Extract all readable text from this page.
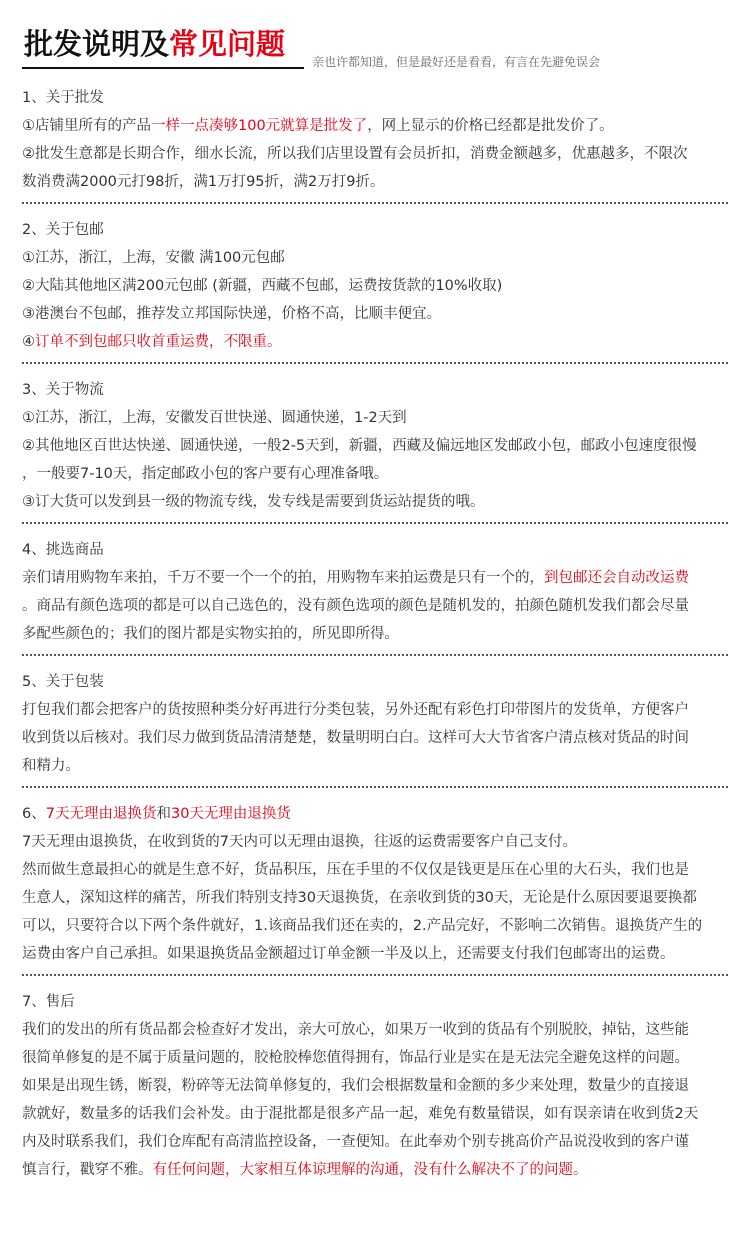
批发说明及常见问题
亲也许都知道，但是最好还是看看，有言在先避免误会
1、关于批发
①店铺里所有的产品一样一点凑够100元就算是批发了，网上显示的价格已经都是批发价了。
②批发生意都是长期合作，细水长流，所以我们店里设置有会员折扣，消费金额越多，优惠越多，不限次
数消费满2000元打98折，满1万打95折，满2万打9折。
2、关于包邮
①江苏，浙江，上海，安徽 满100元包邮
②大陆其他地区满200元包邮 (新疆，西藏不包邮，运费按货款的10%收取)
③港澳台不包邮，推荐发立邦国际快递，价格不高，比顺丰便宜。
④订单不到包邮只收首重运费，不限重。
3、关于物流
①江苏，浙江，上海，安徽发百世快递、圆通快递，1-2天到
②其他地区百世达快递、圆通快递，一般2-5天到，新疆，西藏及偏远地区发邮政小包，邮政小包速度很慢
，一般要7-10天，指定邮政小包的客户要有心理准备哦。
③订大货可以发到县一级的物流专线，发专线是需要到货运站提货的哦。
4、挑选商品
亲们请用购物车来拍，千万不要一个一个的拍，用购物车来拍运费是只有一个的，到包邮还会自动改运费
。商品有颜色选项的都是可以自己选色的，没有颜色选项的颜色是随机发的，拍颜色随机发我们都会尽量
多配些颜色的；我们的图片都是实物实拍的，所见即所得。
5、关于包装
打包我们都会把客户的货按照种类分好再进行分类包装，另外还配有彩色打印带图片的发货单，方便客户
收到货以后核对。我们尽力做到货品清清楚楚，数量明明白白。这样可大大节省客户清点核对货品的时间
和精力。
6、7天无理由退换货和30天无理由退换货
7天无理由退换货，在收到货的7天内可以无理由退换，往返的运费需要客户自己支付。
然而做生意最担心的就是生意不好，货品积压，压在手里的不仅仅是钱更是压在心里的大石头，我们也是
生意人，深知这样的痛苦，所我们特别支持30天退换货，在亲收到货的30天，无论是什么原因要退要换都
可以，只要符合以下两个条件就好，1.该商品我们还在卖的，2.产品完好，不影响二次销售。退换货产生的
运费由客户自己承担。如果退换货品金额超过订单金额一半及以上，还需要支付我们包邮寄出的运费。
7、售后
我们的发出的所有货品都会检查好才发出，亲大可放心，如果万一收到的货品有个别脱胶，掉钻，这些能
很简单修复的是不属于质量问题的，胶枪胶棒您值得拥有，饰品行业是实在是无法完全避免这样的问题。
如果是出现生锈，断裂，粉碎等无法简单修复的，我们会根据数量和金额的多少来处理，数量少的直接退
款就好，数量多的话我们会补发。由于混批都是很多产品一起，难免有数量错误，如有误亲请在收到货2天
内及时联系我们，我们仓库配有高清监控设备，一查便知。在此奉劝个别专挑高价产品说没收到的客户谨
慎言行，戳穿不雅。有任何问题，大家相互体谅理解的沟通，没有什么解决不了的问题。
